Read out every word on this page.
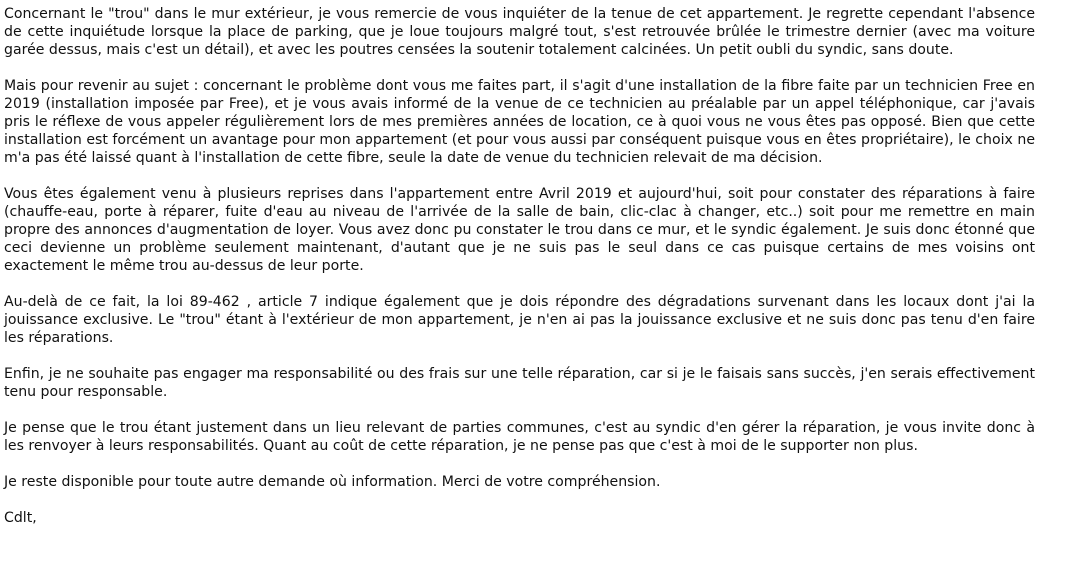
Concernant le "trou" dans le mur extérieur, je vous remercie de vous inquiéter de la tenue de cet appartement. Je regrette cependant l'absence de cette inquiétude lorsque la place de parking, que je loue toujours malgré tout, s'est retrouvée brûlée le trimestre dernier (avec ma voiture garée dessus, mais c'est un détail), et avec les poutres censées la soutenir totalement calcinées. Un petit oubli du syndic, sans doute.

Mais pour revenir au sujet : concernant le problème dont vous me faites part, il s'agit d'une installation de la fibre faite par un technicien Free en 2019 (installation imposée par Free), et je vous avais informé de la venue de ce technicien au préalable par un appel téléphonique, car j'avais pris le réflexe de vous appeler régulièrement lors de mes premières années de location, ce à quoi vous ne vous êtes pas opposé. Bien que cette installation est forcément un avantage pour mon appartement (et pour vous aussi par conséquent puisque vous en êtes propriétaire), le choix ne m'a pas été laissé quant à l'installation de cette fibre, seule la date de venue du technicien relevait de ma décision.

Vous êtes également venu à plusieurs reprises dans l'appartement entre Avril 2019 et aujourd'hui, soit pour constater des réparations à faire (chauffe-eau, porte à réparer, fuite d'eau au niveau de l'arrivée de la salle de bain, clic-clac à changer, etc..) soit pour me remettre en main propre des annonces d'augmentation de loyer. Vous avez donc pu constater le trou dans ce mur, et le syndic également. Je suis donc étonné que ceci devienne un problème seulement maintenant, d'autant que je ne suis pas le seul dans ce cas puisque certains de mes voisins ont exactement le même trou au-dessus de leur porte.

Au-delà de ce fait, la loi 89-462 , article 7 indique également que je dois répondre des dégradations survenant dans les locaux dont j'ai la jouissance exclusive. Le "trou" étant à l'extérieur de mon appartement, je n'en ai pas la jouissance exclusive et ne suis donc pas tenu d'en faire les réparations.

Enfin, je ne souhaite pas engager ma responsabilité ou des frais sur une telle réparation, car si je le faisais sans succès, j'en serais effectivement tenu pour responsable.

Je pense que le trou étant justement dans un lieu relevant de parties communes, c'est au syndic d'en gérer la réparation, je vous invite donc à les renvoyer à leurs responsabilités. Quant au coût de cette réparation, je ne pense pas que c'est à moi de le supporter non plus.

Je reste disponible pour toute autre demande où information. Merci de votre compréhension.

Cdlt,
